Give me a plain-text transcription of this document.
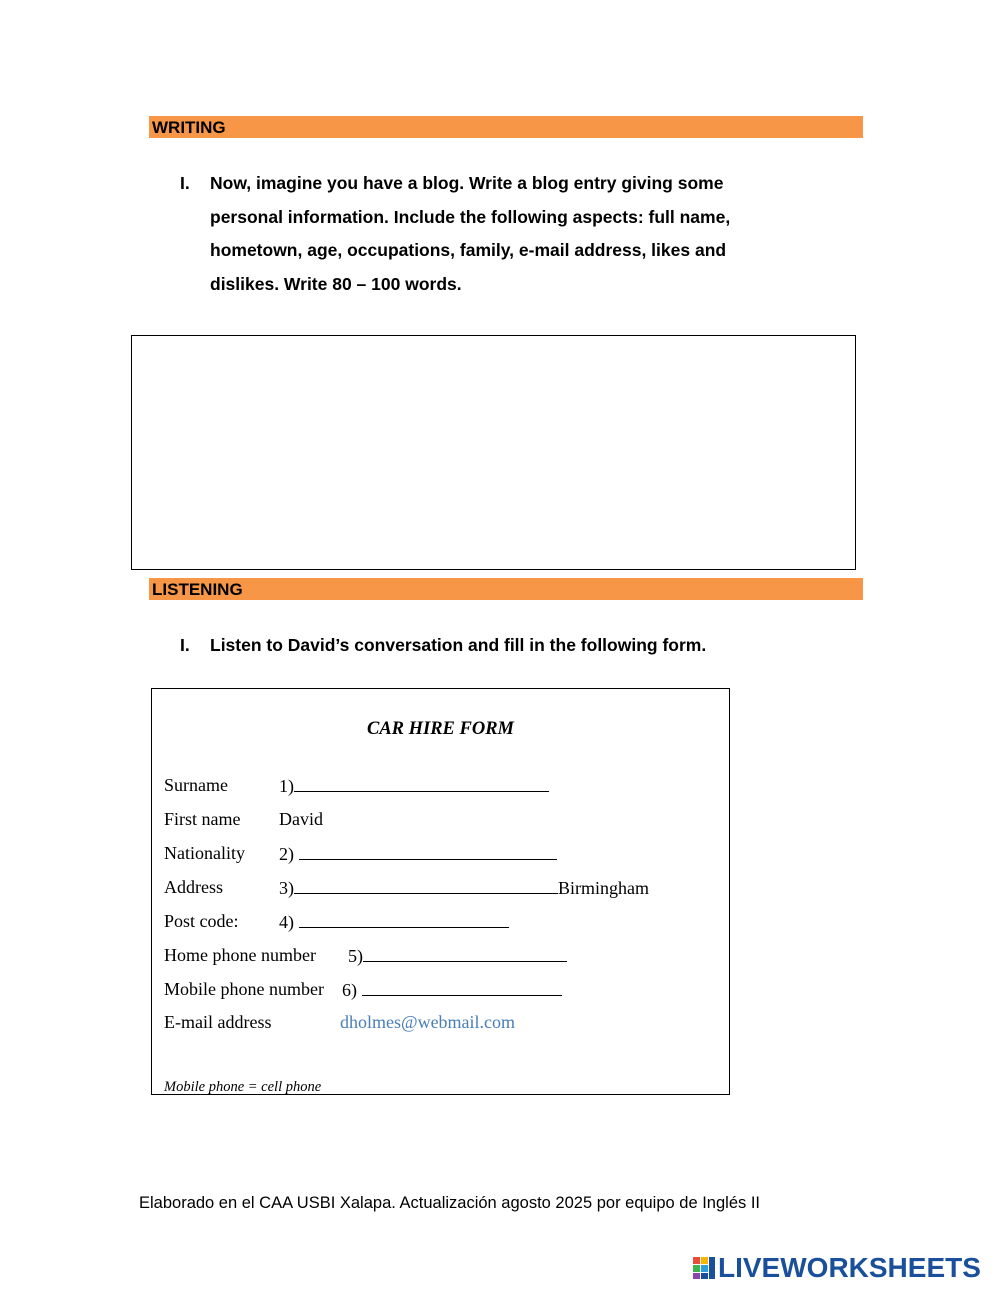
WRITING
I.	Now, imagine you have a blog. Write a blog entry giving some
personal information. Include the following aspects: full name,
hometown, age, occupations, family, e-mail address, likes and
dislikes. Write 80 – 100 words.
LISTENING
I.	Listen to David’s conversation and fill in the following form.
CAR HIRE FORM
Surname	1)
First name David
Nationality 2)
Address	3)	Birmingham
Post code: 4)
Home phone number 5)
Mobile phone number 6)
E-mail address	dholmes@webmail.com
Mobile phone = cell phone
Elaborado en el CAA USBI Xalapa. Actualización agosto 2025 por equipo de Inglés II
LIVEWORKSHEETS
